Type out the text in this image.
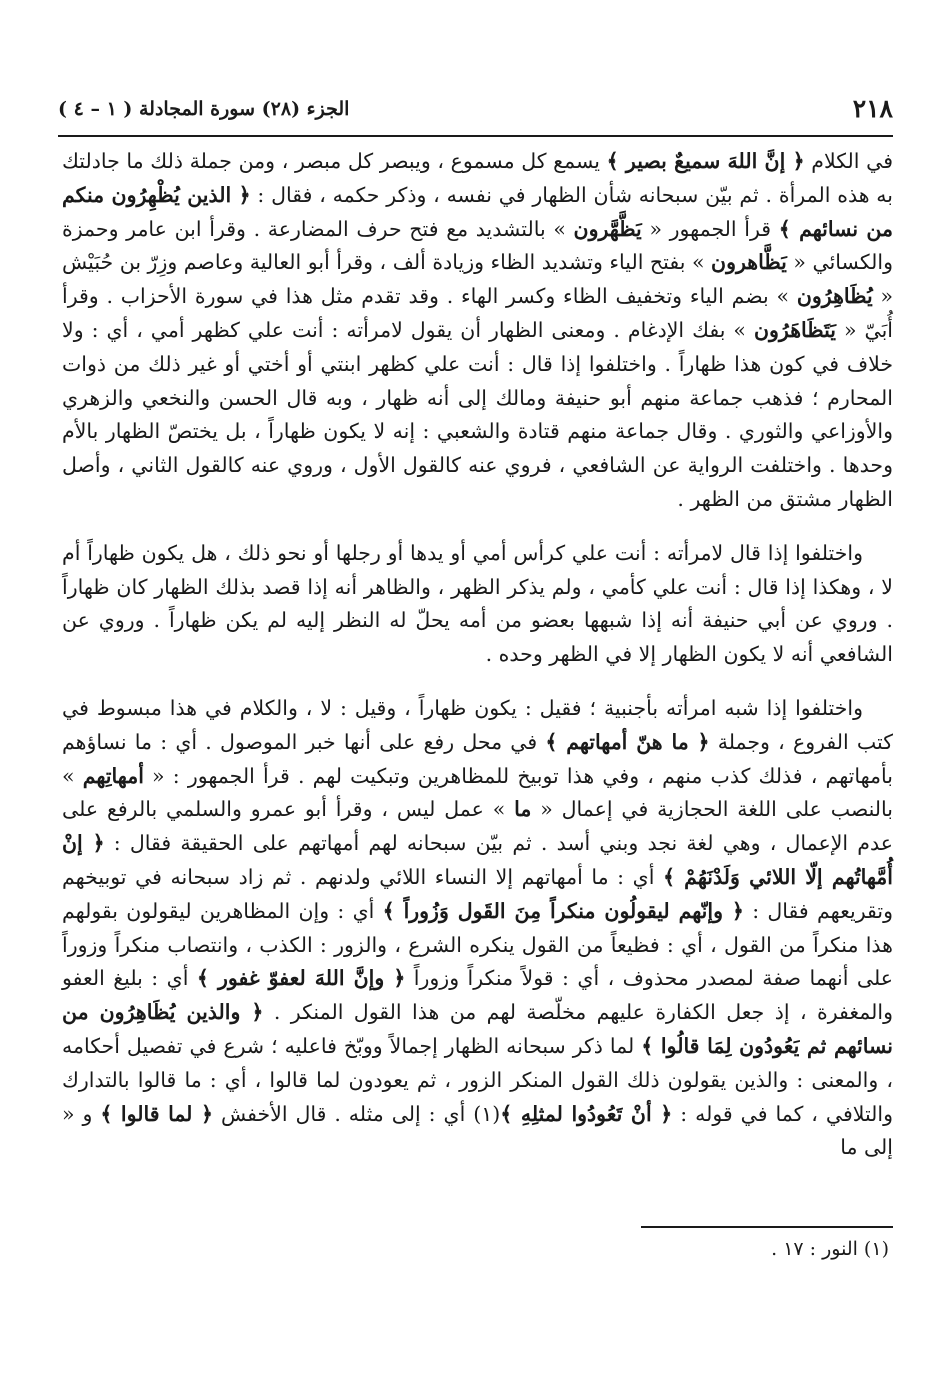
٢١٨
الجزء (٢٨) سورة المجادلة ( ١ – ٤ )

في الكلام ﴿ إنَّ اللهَ سميعٌ بصير ﴾ يسمع كل مسموع ، ويبصر كل مبصر ، ومن جملة ذلك ما جادلتك به هذه المرأة . ثم بيّن سبحانه شأن الظهار في نفسه ، وذكر حكمه ، فقال : ﴿ الذين يُظْهِرُون منكم من نسائهم ﴾ قرأ الجمهور « يَظَّهَّرون » بالتشديد مع فتح حرف المضارعة . وقرأ ابن عامر وحمزة والكسائي « يَظَّاهرون » بفتح الياء وتشديد الظاء وزيادة ألف ، وقرأ أبو العالية وعاصم وزِرّ بن حُبَيْش « يُظَاهِرُون » بضم الياء وتخفيف الظاء وكسر الهاء . وقد تقدم مثل هذا في سورة الأحزاب . وقرأ أُبَيّ « يَتَظَاهَرُون » بفك الإدغام . ومعنى الظهار أن يقول لامرأته : أنت علي كظهر أمي ، أي : ولا خلاف في كون هذا ظهاراً . واختلفوا إذا قال : أنت علي كظهر ابنتي أو أختي أو غير ذلك من ذوات المحارم ؛ فذهب جماعة منهم أبو حنيفة ومالك إلى أنه ظهار ، وبه قال الحسن والنخعي والزهري والأوزاعي والثوري . وقال جماعة منهم قتادة والشعبي : إنه لا يكون ظهاراً ، بل يختصّ الظهار بالأم وحدها . واختلفت الرواية عن الشافعي ، فروي عنه كالقول الأول ، وروي عنه كالقول الثاني ، وأصل الظهار مشتق من الظهر .

واختلفوا إذا قال لامرأته : أنت علي كرأس أمي أو يدها أو رجلها أو نحو ذلك ، هل يكون ظهاراً أم لا ، وهكذا إذا قال : أنت علي كأمي ، ولم يذكر الظهر ، والظاهر أنه إذا قصد بذلك الظهار كان ظهاراً . وروي عن أبي حنيفة أنه إذا شبهها بعضو من أمه يحلّ له النظر إليه لم يكن ظهاراً . وروي عن الشافعي أنه لا يكون الظهار إلا في الظهر وحده .

واختلفوا إذا شبه امرأته بأجنبية ؛ فقيل : يكون ظهاراً ، وقيل : لا ، والكلام في هذا مبسوط في كتب الفروع ، وجملة ﴿ ما هنّ أمهاتهم ﴾ في محل رفع على أنها خبر الموصول . أي : ما نساؤهم بأمهاتهم ، فذلك كذب منهم ، وفي هذا توبيخ للمظاهرين وتبكيت لهم . قرأ الجمهور : « أمهاتِهم » بالنصب على اللغة الحجازية في إعمال « ما » عمل ليس ، وقرأ أبو عمرو والسلمي بالرفع على عدم الإعمال ، وهي لغة نجد وبني أسد . ثم بيّن سبحانه لهم أمهاتهم على الحقيقة فقال : ﴿ إنْ أُمَّهاتُهم إلّا اللائي وَلَدْنَهُمْ ﴾ أي : ما أمهاتهم إلا النساء اللائي ولدنهم . ثم زاد سبحانه في توبيخهم وتقريعهم فقال : ﴿ وإنّهم ليقولُون منكراً مِنَ القَول وَزُوراً ﴾ أي : وإن المظاهرين ليقولون بقولهم هذا منكراً من القول ، أي : فظيعاً من القول ينكره الشرع ، والزور : الكذب ، وانتصاب منكراً وزوراً على أنهما صفة لمصدر محذوف ، أي : قولاً منكراً وزوراً ﴿ وإنَّ اللهَ لعفوّ غفور ﴾ أي : بليغ العفو والمغفرة ، إذ جعل الكفارة عليهم مخلّصة لهم من هذا القول المنكر . ﴿ والذين يُظَاهِرُون من نسائهم ثم يَعُودُون لِمَا قالُوا ﴾ لما ذكر سبحانه الظهار إجمالاً ووبّخ فاعليه ؛ شرع في تفصيل أحكامه ، والمعنى : والذين يقولون ذلك القول المنكر الزور ، ثم يعودون لما قالوا ، أي : ما قالوا بالتدارك والتلافي ، كما في قوله : ﴿ أنْ تَعُودُوا لمثلِهِ ﴾(١) أي : إلى مثله . قال الأخفش ﴿ لما قالوا ﴾ و « إلى ما

(١) النور : ١٧ .
